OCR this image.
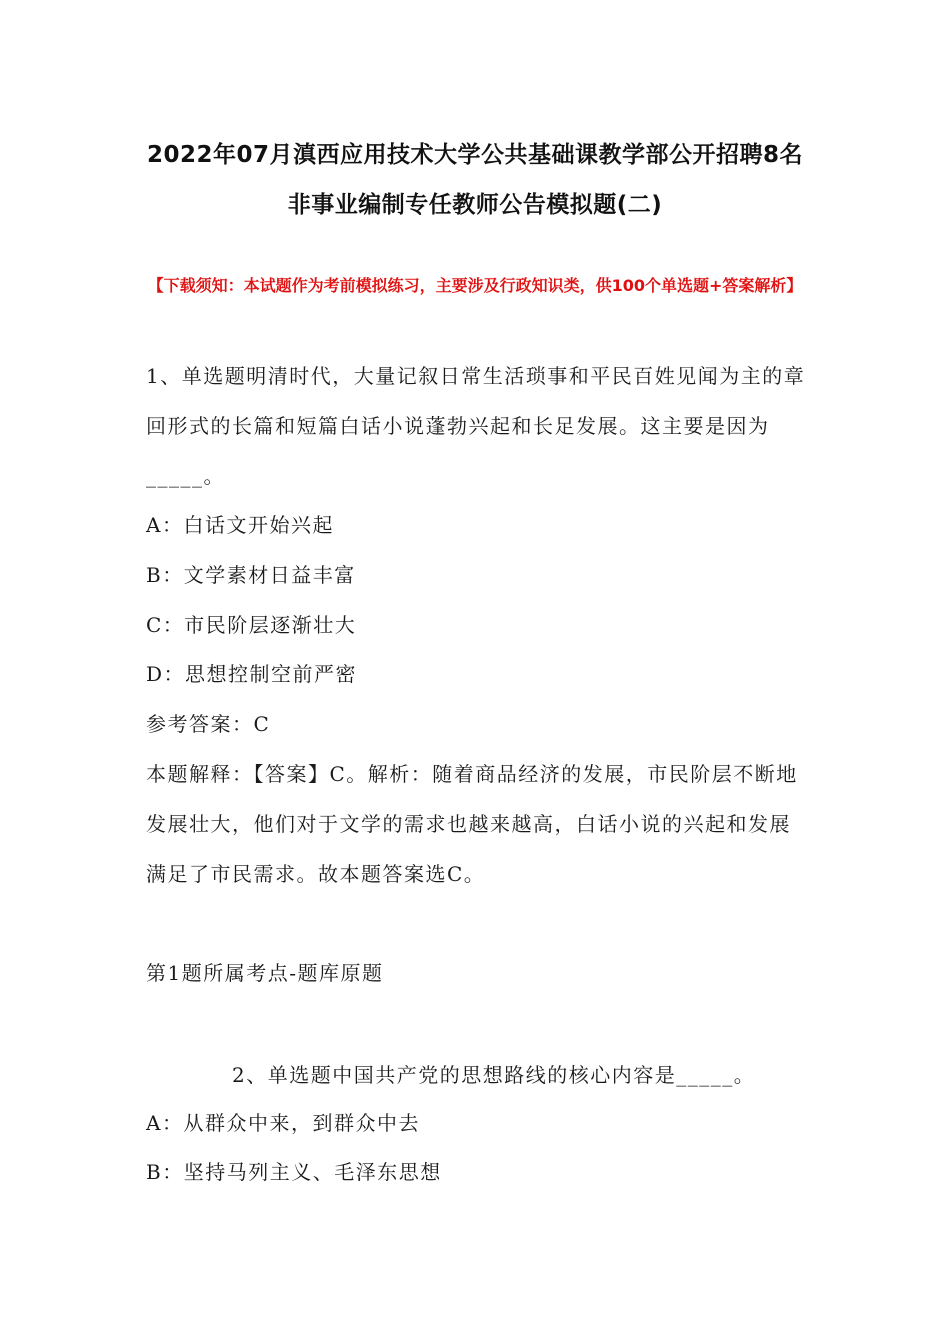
2022年07月滇西应用技术大学公共基础课教学部公开招聘8名
非事业编制专任教师公告模拟题(二)
【下载须知：本试题作为考前模拟练习，主要涉及行政知识类，供100个单选题+答案解析】
1、单选题明清时代，大量记叙日常生活琐事和平民百姓见闻为主的章回形式的长篇和短篇白话小说蓬勃兴起和长足发展。这主要是因为_____。
A：白话文开始兴起
B：文学素材日益丰富
C：市民阶层逐渐壮大
D：思想控制空前严密
参考答案：C
本题解释：【答案】C。解析：随着商品经济的发展，市民阶层不断地发展壮大，他们对于文学的需求也越来越高，白话小说的兴起和发展满足了市民需求。故本题答案选C。
第1题所属考点-题库原题
2、单选题中国共产党的思想路线的核心内容是_____。
A：从群众中来，到群众中去
B：坚持马列主义、毛泽东思想
